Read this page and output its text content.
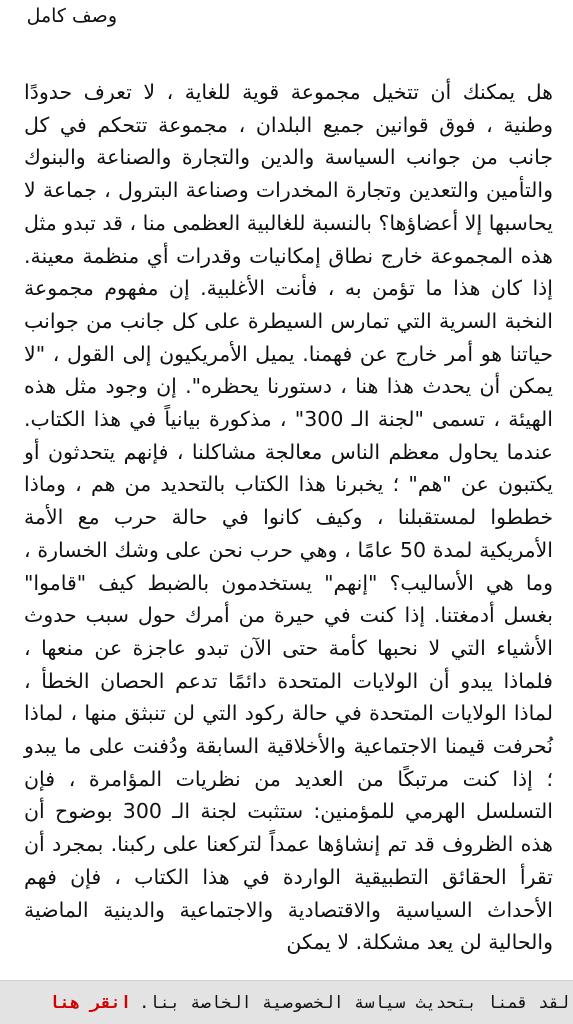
وصف كامل

هل يمكنك أن تتخيل مجموعة قوية للغاية ، لا تعرف حدودًا وطنية ، فوق قوانين جميع البلدان ، مجموعة تتحكم في كل جانب من جوانب السياسة والدين والتجارة والصناعة والبنوك والتأمين والتعدين وتجارة المخدرات وصناعة البترول ، جماعة لا يحاسبها إلا أعضاؤها؟ بالنسبة للغالبية العظمى منا ، قد تبدو مثل هذه المجموعة خارج نطاق إمكانيات وقدرات أي منظمة معينة. إذا كان هذا ما تؤمن به ، فأنت الأغلبية. إن مفهوم مجموعة النخبة السرية التي تمارس السيطرة على كل جانب من جوانب حياتنا هو أمر خارج عن فهمنا. يميل الأمريكيون إلى القول ، "لا يمكن أن يحدث هذا هنا ، دستورنا يحظره". إن وجود مثل هذه الهيئة ، تسمى "لجنة الـ 300" ، مذكورة بيانياً في هذا الكتاب. عندما يحاول معظم الناس معالجة مشاكلنا ، فإنهم يتحدثون أو يكتبون عن "هم" ؛ يخبرنا هذا الكتاب بالتحديد من هم ، وماذا خططوا لمستقبلنا ، وكيف كانوا في حالة حرب مع الأمة الأمريكية لمدة 50 عامًا ، وهي حرب نحن على وشك الخسارة ، وما هي الأساليب؟ "إنهم" يستخدمون بالضبط كيف "قاموا" بغسل أدمغتنا. إذا كنت في حيرة من أمرك حول سبب حدوث الأشياء التي لا نحبها كأمة حتى الآن تبدو عاجزة عن منعها ، فلماذا يبدو أن الولايات المتحدة دائمًا تدعم الحصان الخطأ ، لماذا الولايات المتحدة في حالة ركود التي لن تنبثق منها ، لماذا نُحرفت قيمنا الاجتماعية والأخلاقية السابقة ودُفنت على ما يبدو ؛ إذا كنت مرتبكًا من العديد من نظريات المؤامرة ، فإن التسلسل الهرمي للمؤمنين: ستثبت لجنة الـ 300 بوضوح أن هذه الظروف قد تم إنشاؤها عمداً لتركعنا على ركبنا. بمجرد أن تقرأ الحقائق التطبيقية الواردة في هذا الكتاب ، فإن فهم الأحداث السياسية والاقتصادية والاجتماعية والدينية الماضية والحالية لن يعد مشكلة. لا يمكن

لقد قمنا بتحديث سياسة الخصوصية الخاصة بنا.
انقر هنا
